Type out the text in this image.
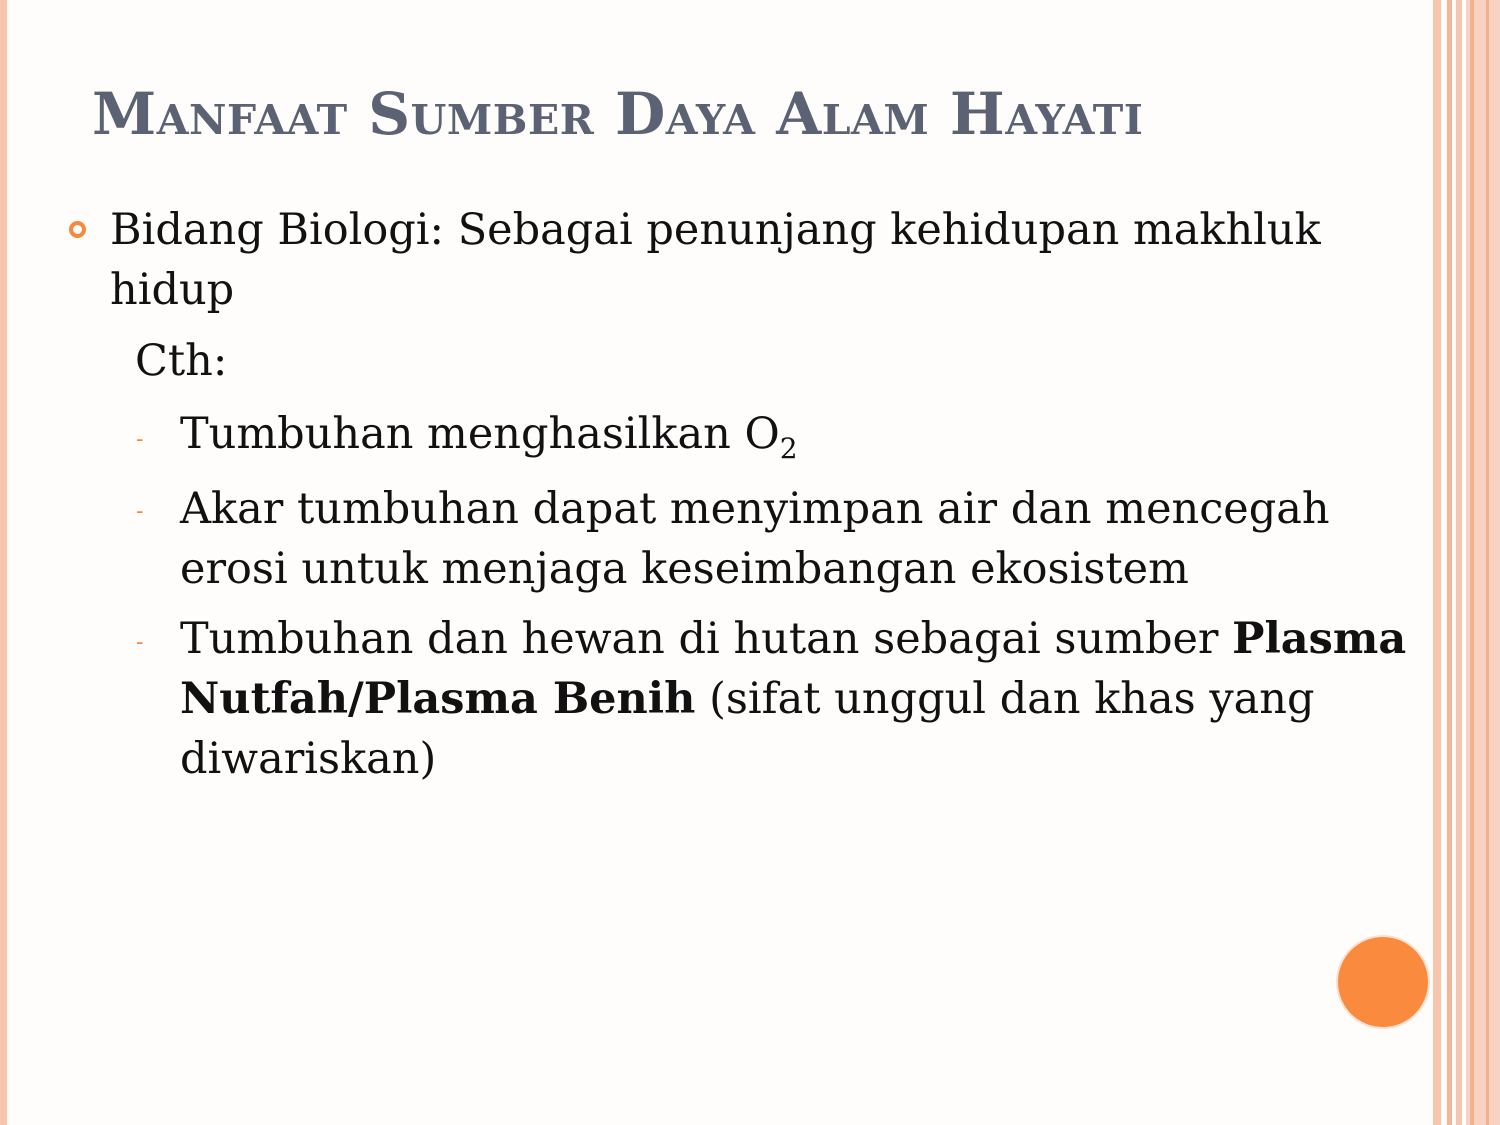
Manfaat Sumber Daya Alam Hayati

Bidang Biologi: Sebagai penunjang kehidupan makhluk hidup

Cth:

- Tumbuhan menghasilkan $O_2$

- Akar tumbuhan dapat menyimpan air dan mencegah erosi untuk menjaga keseimbangan ekosistem

- Tumbuhan dan hewan di hutan sebagai sumber Plasma Nutfah/Plasma Benih (sifat unggul dan khas yang diwariskan)
